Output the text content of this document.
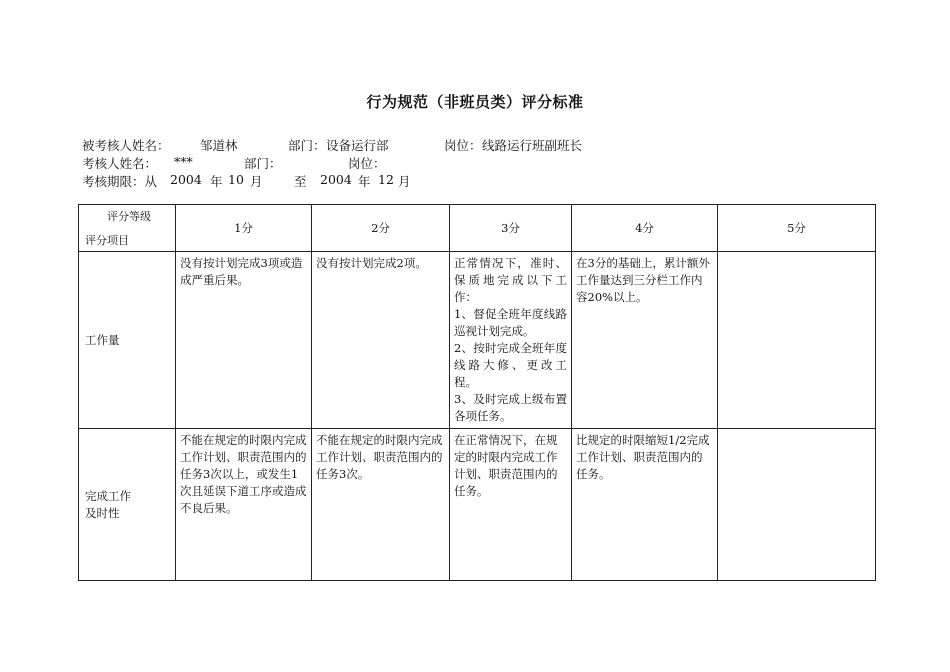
行为规范（非班员类）评分标准
被考核人姓名： 邹道林	部门： 设备运行部	岗位： 线路运行班副班长
考核人姓名： ***	部门：	岗位：
考核期限：从 2004 年 10 月	至 2004 年 12 月
评分等级
评分项目	1分	2分	3分	4分	5分
工作量	没有按计划完成3项或造成严重后果。	没有按计划完成2项。	正常情况下，准时、保质地完成以下工作：

1、督促全班年度线路巡视计划完成。

2、按时完成全班年度线路大修、更改工程。

3、及时完成上级布置各项任务。	在3分的基础上，累计额外工作量达到三分栏工作内容20%以上。	

完成工作
及时性	不能在规定的时限内完成工作计划、职责范围内的任务3次以上，或发生1次且延误下道工序或造成不良后果。	不能在规定的时限内完成工作计划、职责范围内的任务3次。	在正常情况下，在规定的时限内完成工作计划、职责范围内的任务。	比规定的时限缩短1/2完成工作计划、职责范围内的任务。	
